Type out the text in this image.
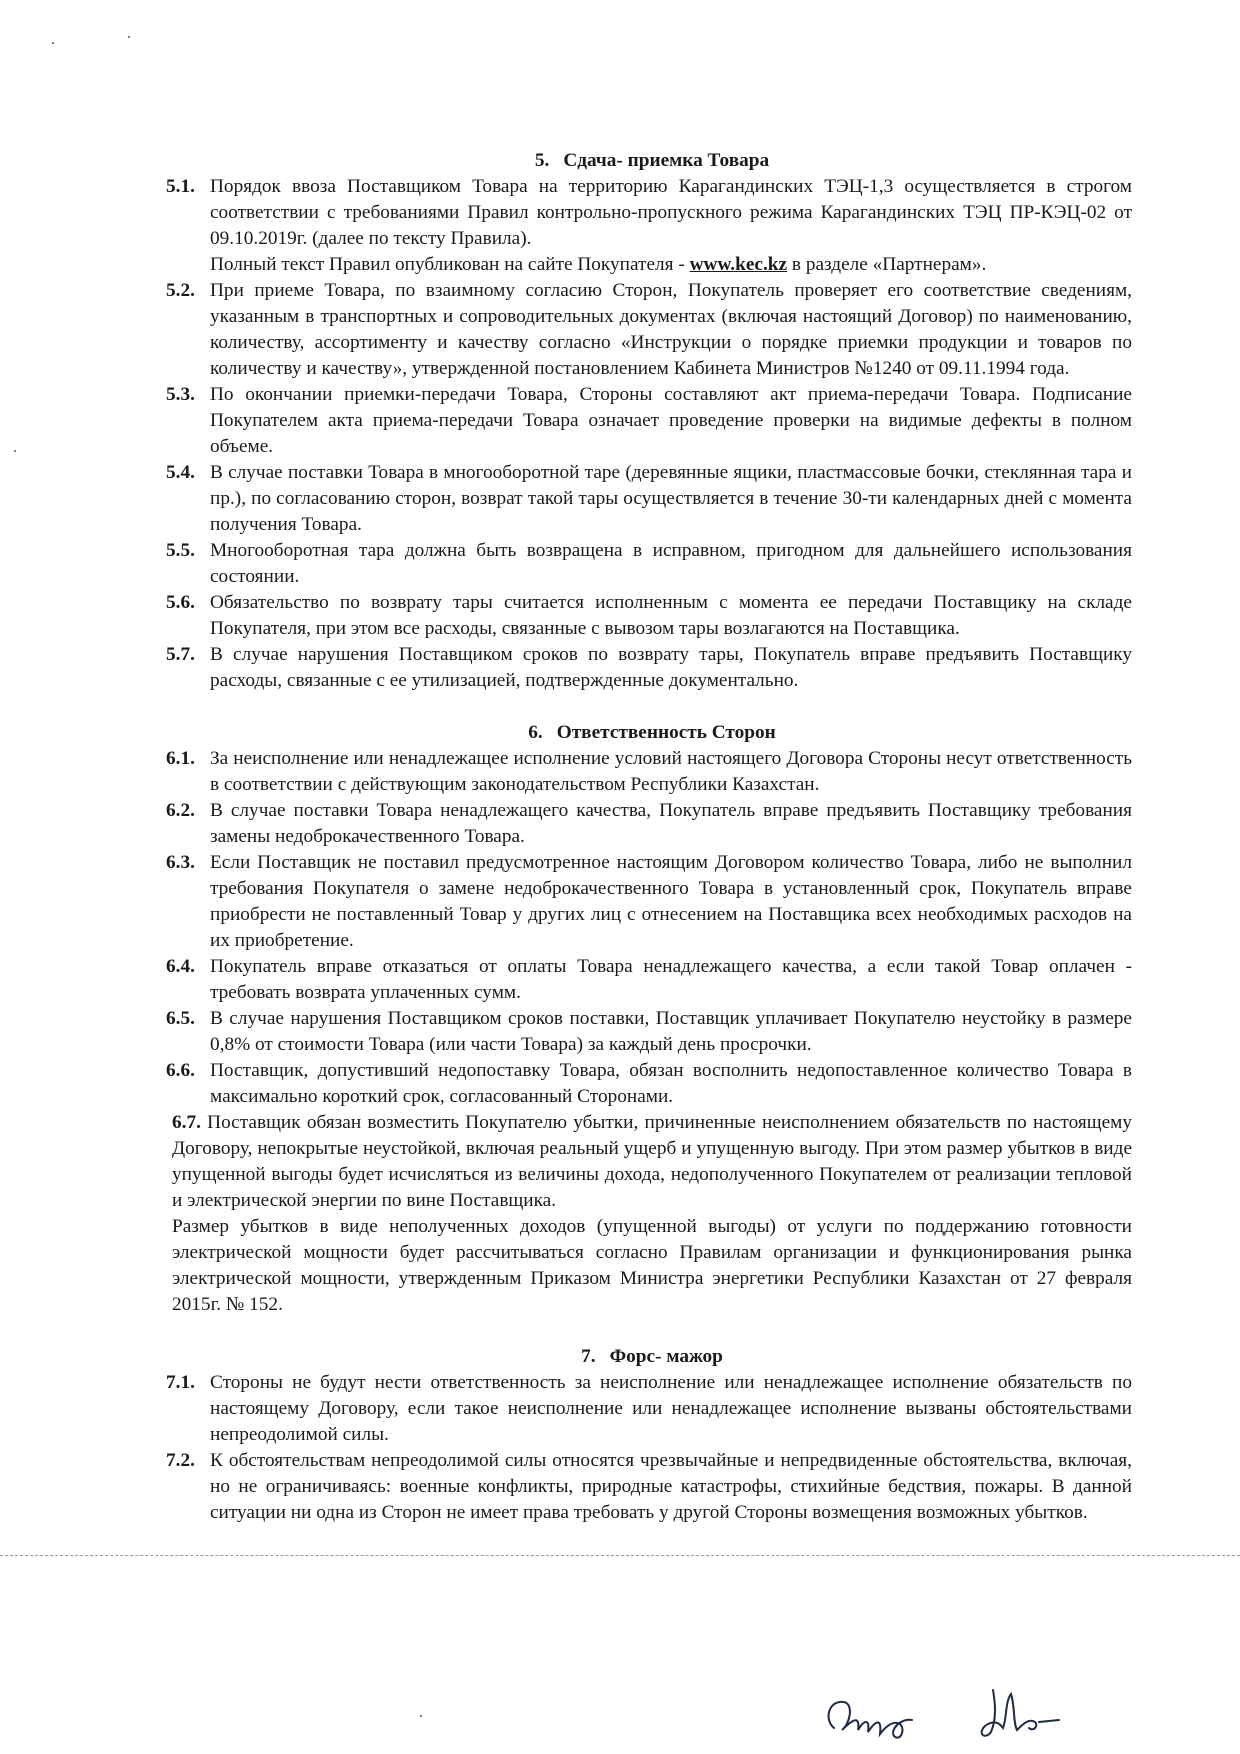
5. Сдача- приемка Товара
5.1. Порядок ввоза Поставщиком Товара на территорию Карагандинских ТЭЦ-1,3 осуществляется в строгом соответствии с требованиями Правил контрольно-пропускного режима Карагандинских ТЭЦ ПР-КЭЦ-02 от 09.10.2019г. (далее по тексту Правила).

Полный текст Правил опубликован на сайте Покупателя - www.kec.kz в разделе «Партнерам».

5.2. При приеме Товара, по взаимному согласию Сторон, Покупатель проверяет его соответствие сведениям, указанным в транспортных и сопроводительных документах (включая настоящий Договор) по наименованию, количеству, ассортименту и качеству согласно «Инструкции о порядке приемки продукции и товаров по количеству и качеству», утвержденной постановлением Кабинета Министров №1240 от 09.11.1994 года.

5.3. По окончании приемки-передачи Товара, Стороны составляют акт приема-передачи Товара. Подписание Покупателем акта приема-передачи Товара означает проведение проверки на видимые дефекты в полном объеме.

5.4. В случае поставки Товара в многооборотной таре (деревянные ящики, пластмассовые бочки, стеклянная тара и пр.), по согласованию сторон, возврат такой тары осуществляется в течение 30-ти календарных дней с момента получения Товара.

5.5. Многооборотная тара должна быть возвращена в исправном, пригодном для дальнейшего использования состоянии.

5.6. Обязательство по возврату тары считается исполненным с момента ее передачи Поставщику на складе Покупателя, при этом все расходы, связанные с вывозом тары возлагаются на Поставщика.

5.7. В случае нарушения Поставщиком сроков по возврату тары, Покупатель вправе предъявить Поставщику расходы, связанные с ее утилизацией, подтвержденные документально.

6. Ответственность Сторон
6.1. За неисполнение или ненадлежащее исполнение условий настоящего Договора Стороны несут ответственность в соответствии с действующим законодательством Республики Казахстан.

6.2. В случае поставки Товара ненадлежащего качества, Покупатель вправе предъявить Поставщику требования замены недоброкачественного Товара.

6.3. Если Поставщик не поставил предусмотренное настоящим Договором количество Товара, либо не выполнил требования Покупателя о замене недоброкачественного Товара в установленный срок, Покупатель вправе приобрести не поставленный Товар у других лиц с отнесением на Поставщика всех необходимых расходов на их приобретение.

6.4. Покупатель вправе отказаться от оплаты Товара ненадлежащего качества, а если такой Товар оплачен - требовать возврата уплаченных сумм.

6.5. В случае нарушения Поставщиком сроков поставки, Поставщик уплачивает Покупателю неустойку в размере 0,8% от стоимости Товара (или части Товара) за каждый день просрочки.

6.6. Поставщик, допустивший недопоставку Товара, обязан восполнить недопоставленное количество Товара в максимально короткий срок, согласованный Сторонами.

6.7. Поставщик обязан возместить Покупателю убытки, причиненные неисполнением обязательств по настоящему Договору, непокрытые неустойкой, включая реальный ущерб и упущенную выгоду. При этом размер убытков в виде упущенной выгоды будет исчисляться из величины дохода, недополученного Покупателем от реализации тепловой и электрической энергии по вине Поставщика.

Размер убытков в виде неполученных доходов (упущенной выгоды) от услуги по поддержанию готовности электрической мощности будет рассчитываться согласно Правилам организации и функционирования рынка электрической мощности, утвержденным Приказом Министра энергетики Республики Казахстан от 27 февраля 2015г. № 152.

7. Форс- мажор
7.1. Стороны не будут нести ответственность за неисполнение или ненадлежащее исполнение обязательств по настоящему Договору, если такое неисполнение или ненадлежащее исполнение вызваны обстоятельствами непреодолимой силы.

7.2. К обстоятельствам непреодолимой силы относятся чрезвычайные и непредвиденные обстоятельства, включая, но не ограничиваясь: военные конфликты, природные катастрофы, стихийные бедствия, пожары. В данной ситуации ни одна из Сторон не имеет права требовать у другой Стороны возмещения возможных убытков.
